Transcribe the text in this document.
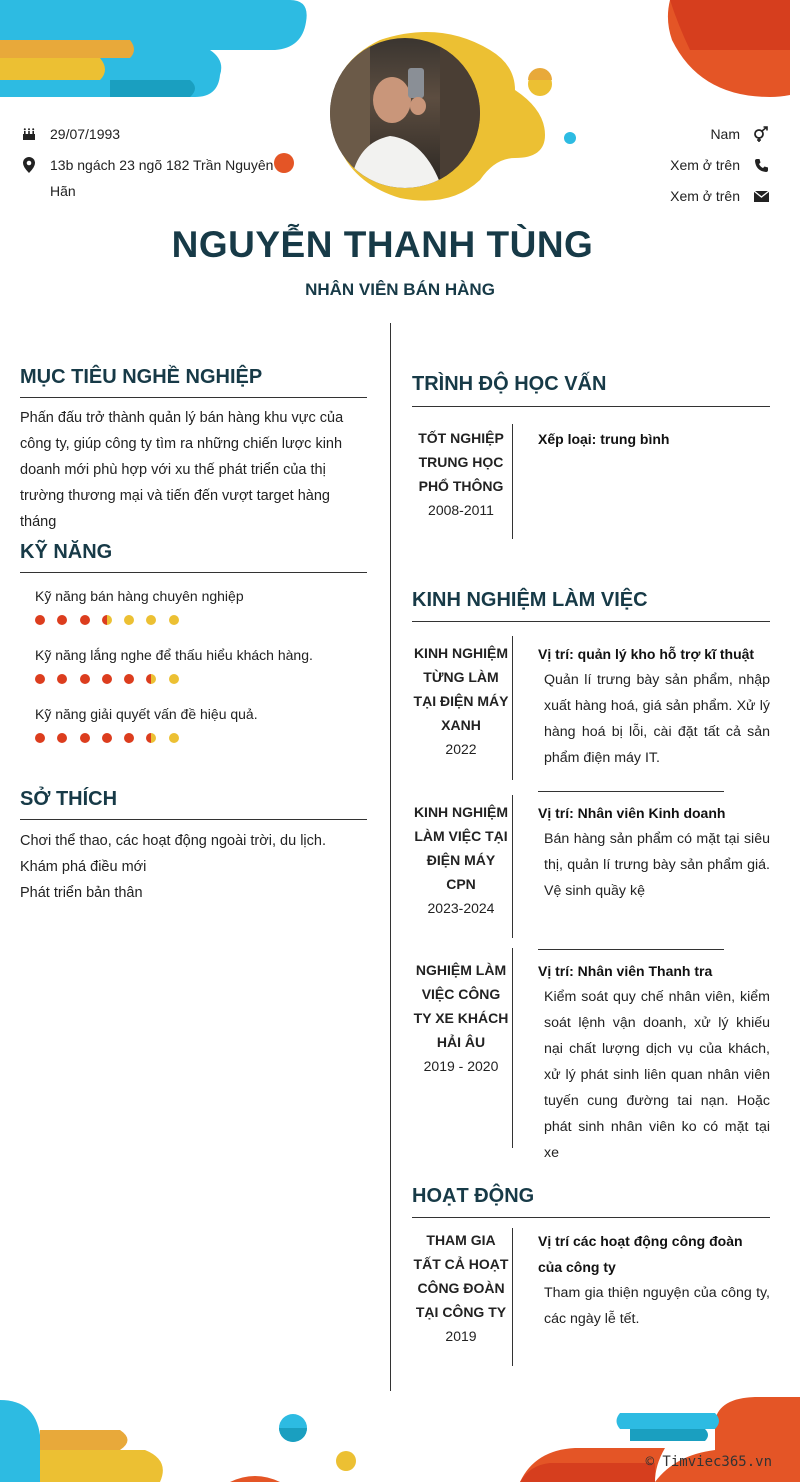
29/07/1993
13b ngách 23 ngõ 182 Trần Nguyên Hãn
Nam
Xem ở trên
Xem ở trên
NGUYỄN THANH TÙNG
NHÂN VIÊN BÁN HÀNG
MỤC TIÊU NGHỀ NGHIỆP
Phấn đấu trở thành quản lý bán hàng khu vực của công ty, giúp công ty tìm ra những chiến lược kinh doanh mới phù hợp với xu thế phát triển của thị trường thương mại và tiến đến vượt target hàng tháng
KỸ NĂNG
Kỹ năng bán hàng chuyên nghiệp
Kỹ năng lắng nghe để thấu hiểu khách hàng.
Kỹ năng giải quyết vấn đề hiệu quả.
SỞ THÍCH
Chơi thể thao, các hoạt động ngoài trời, du lịch.
Khám phá điều mới
Phát triển bản thân
TRÌNH ĐỘ HỌC VẤN
TỐT NGHIỆP TRUNG HỌC PHỔ THÔNG
2008-2011
Xếp loại: trung bình
KINH NGHIỆM LÀM VIỆC
KINH NGHIỆM TỪNG LÀM TẠI ĐIỆN MÁY XANH
2022
Vị trí: quản lý kho hỗ trợ kĩ thuật
Quản lí trưng bày sản phẩm, nhập xuất hàng hoá, giá sản phẩm. Xử lý hàng hoá bị lỗi, cài đặt tất cả sản phẩm điện máy IT.
KINH NGHIỆM LÀM VIỆC TẠI ĐIỆN MÁY CPN
2023-2024
Vị trí: Nhân viên Kinh doanh
Bán hàng sản phẩm có mặt tại siêu thị, quản lí trưng bày sản phẩm giá. Vệ sinh quầy kệ
NGHIỆM LÀM VIỆC CÔNG TY XE KHÁCH HẢI ÂU
2019 - 2020
Vị trí: Nhân viên Thanh tra
Kiểm soát quy chế nhân viên, kiểm soát lệnh vận doanh, xử lý khiếu nại chất lượng dịch vụ của khách, xử lý phát sinh liên quan nhân viên tuyến cung đường tai nạn. Hoặc phát sinh nhân viên ko có mặt tại xe
HOẠT ĐỘNG
THAM GIA TẤT CẢ HOẠT CÔNG ĐOÀN TẠI CÔNG TY
2019
Vị trí các hoạt động công đoàn của công ty
Tham gia thiện nguyện của công ty, các ngày lễ tết.
© Timviec365.vn
